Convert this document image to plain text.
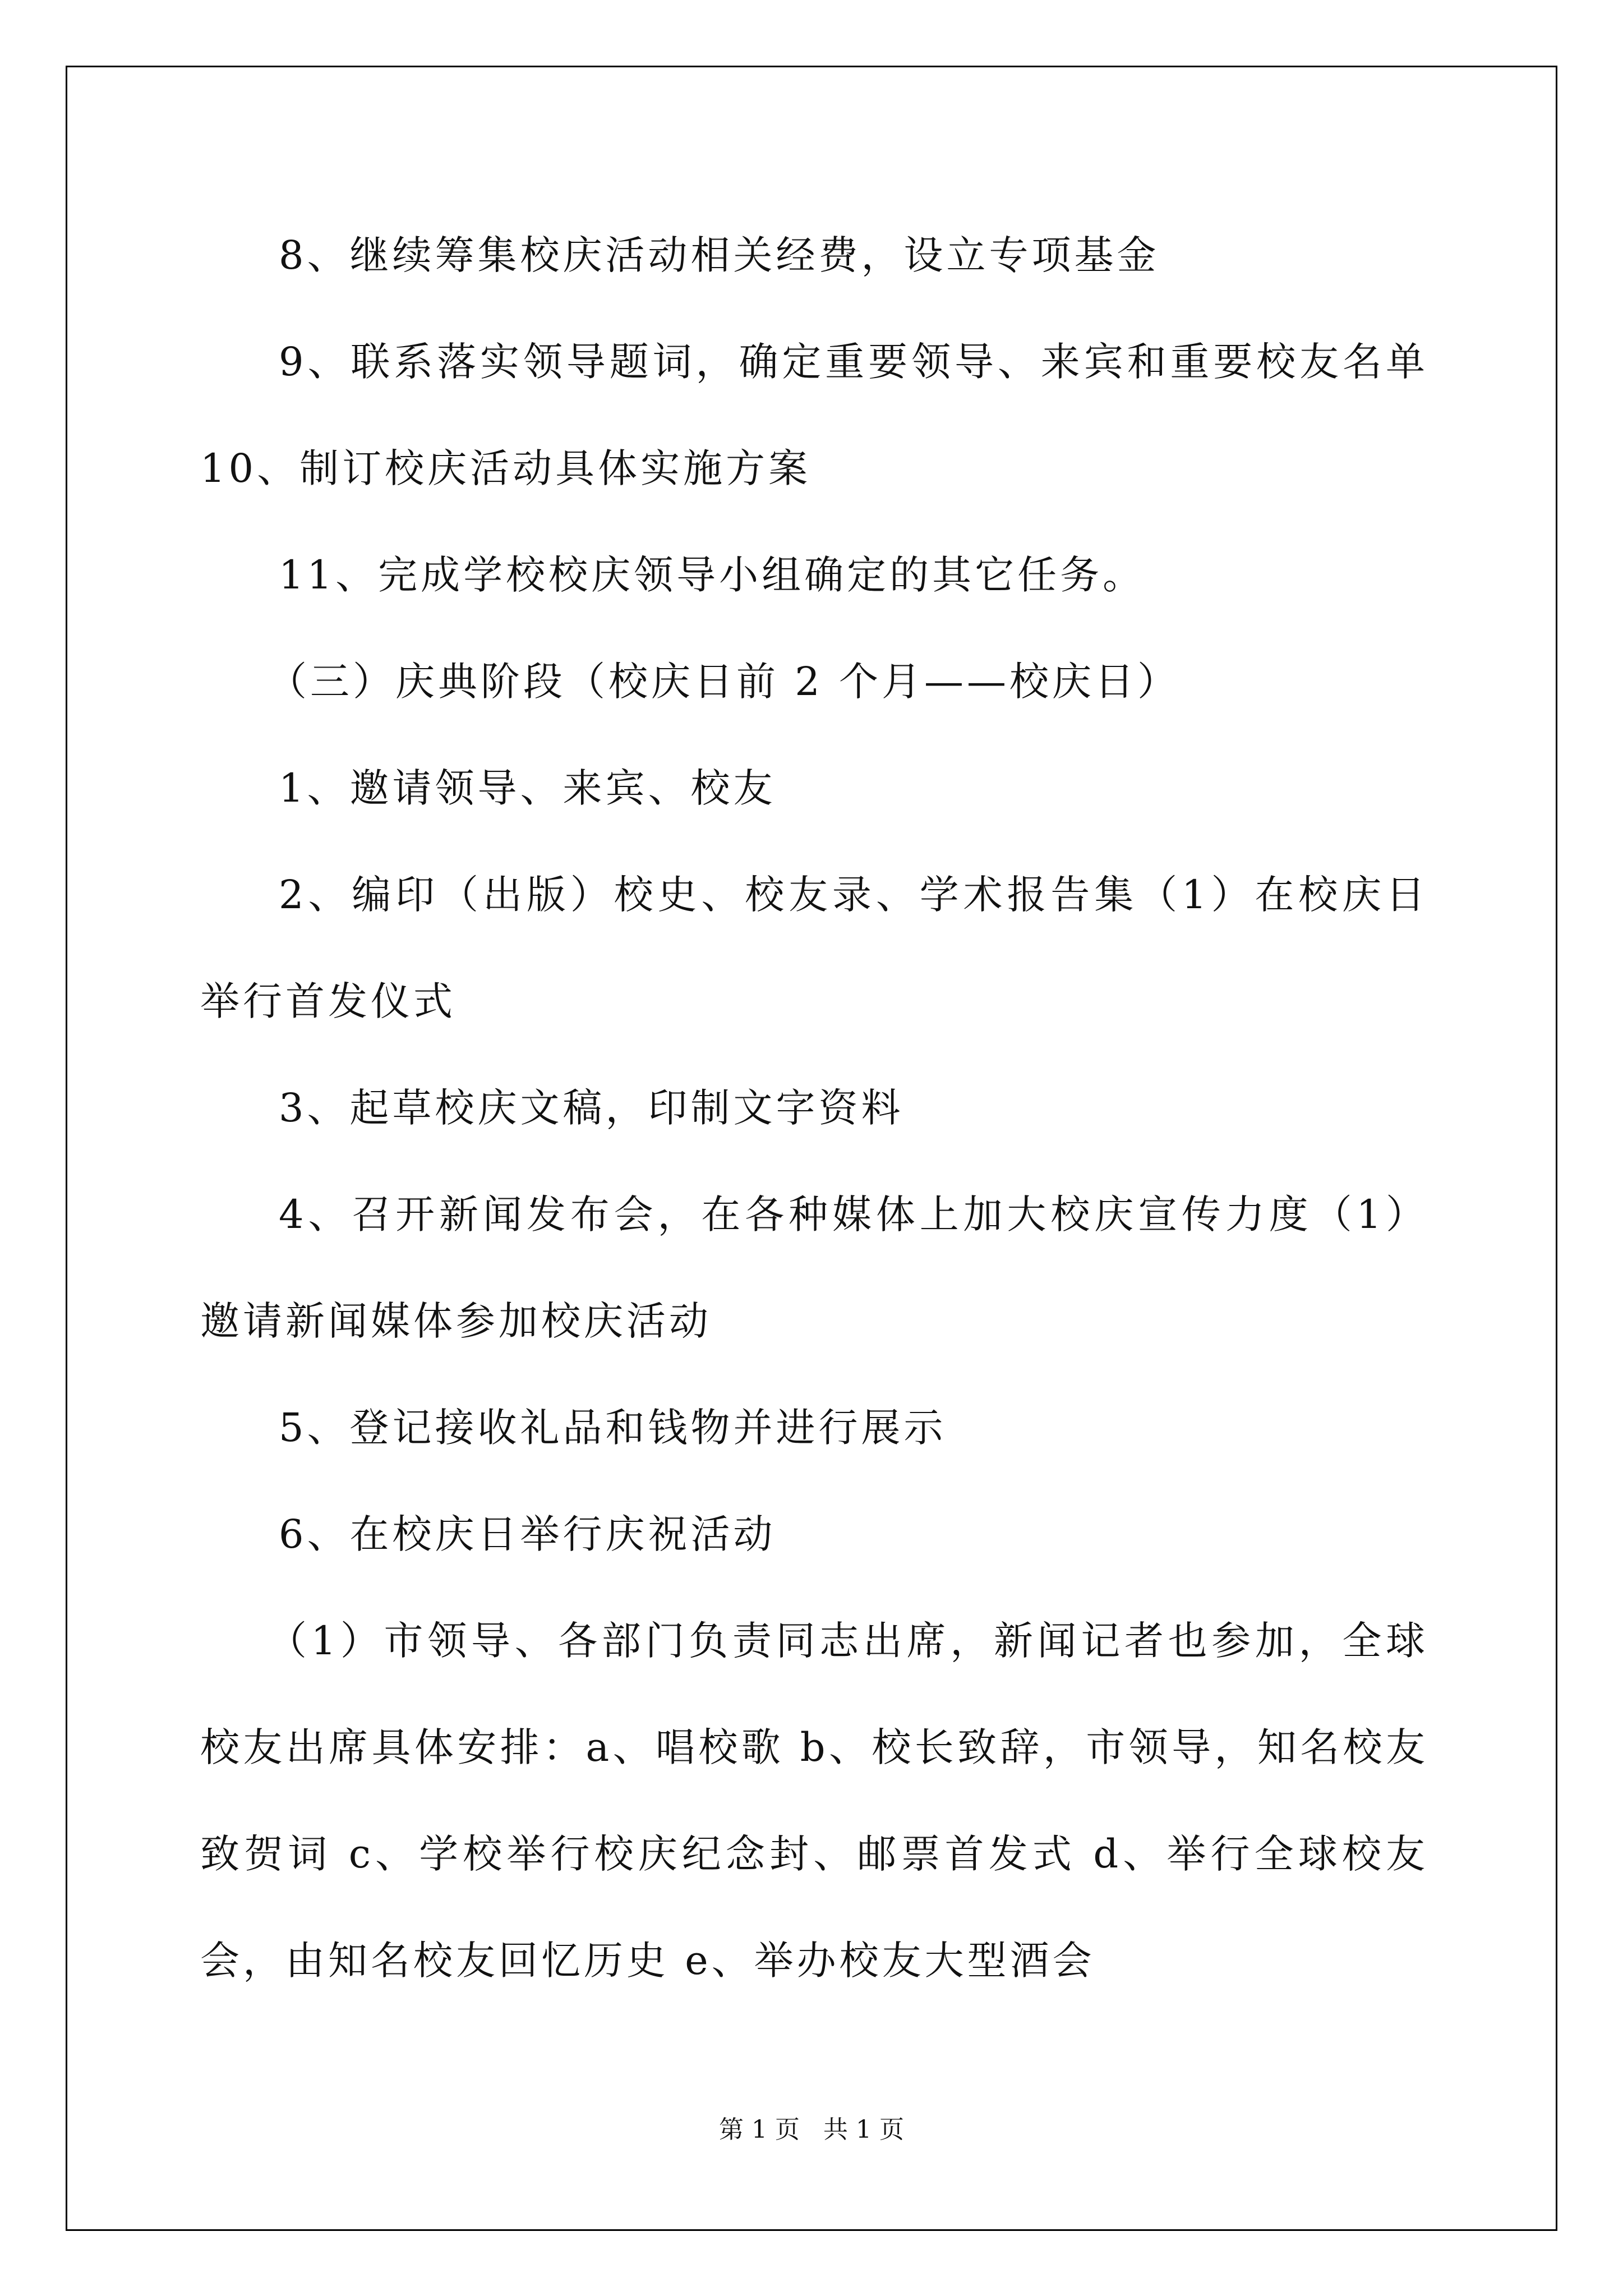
8、继续筹集校庆活动相关经费，设立专项基金

9、联系落实领导题词，确定重要领导、来宾和重要校友名单 10、制订校庆活动具体实施方案

11、完成学校校庆领导小组确定的其它任务。

（三）庆典阶段（校庆日前 2 个月——校庆日）

1、邀请领导、来宾、校友

2、编印（出版）校史、校友录、学术报告集（1）在校庆日举行首发仪式

3、起草校庆文稿，印制文字资料

4、召开新闻发布会，在各种媒体上加大校庆宣传力度（1）邀请新闻媒体参加校庆活动

5、登记接收礼品和钱物并进行展示

6、在校庆日举行庆祝活动

（1）市领导、各部门负责同志出席，新闻记者也参加，全球校友出席具体安排：a、唱校歌 b、校长致辞，市领导，知名校友致贺词 c、学校举行校庆纪念封、邮票首发式 d、举行全球校友会，由知名校友回忆历史 e、举办校友大型酒会

第 1 页   共 1 页
